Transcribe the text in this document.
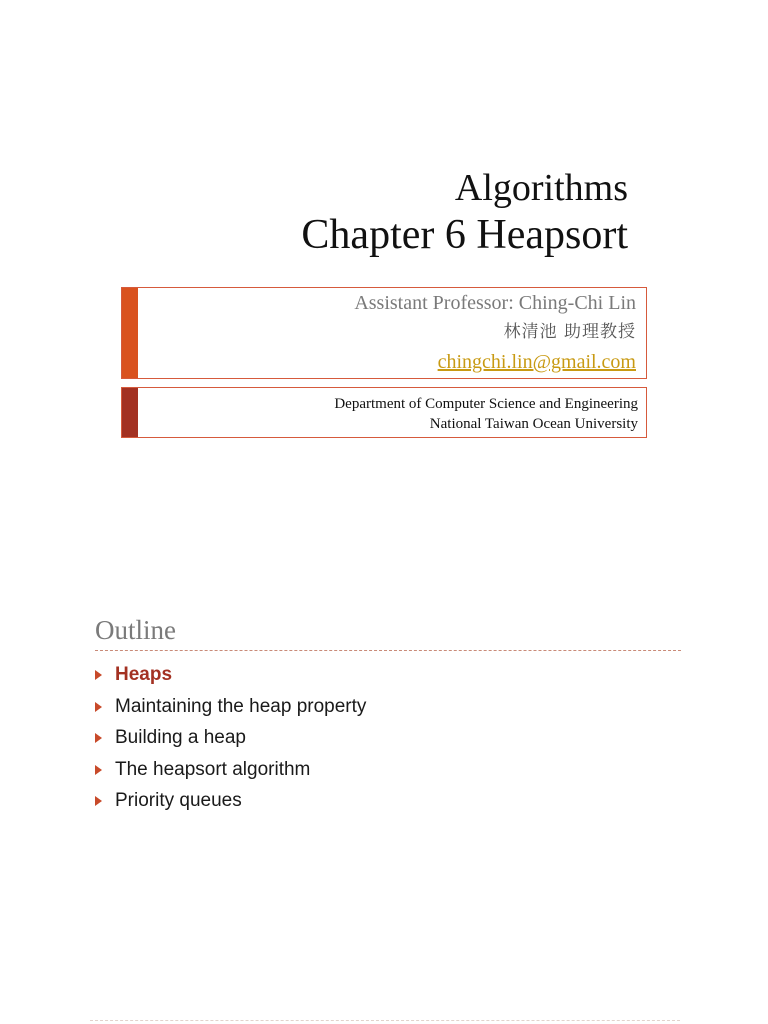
Algorithms
Chapter 6 Heapsort
Assistant Professor: Ching-Chi Lin
林清池 助理教授
chingchi.lin@gmail.com
Department of Computer Science and Engineering
National Taiwan Ocean University
Outline
Heaps
Maintaining the heap property
Building a heap
The heapsort algorithm
Priority queues
